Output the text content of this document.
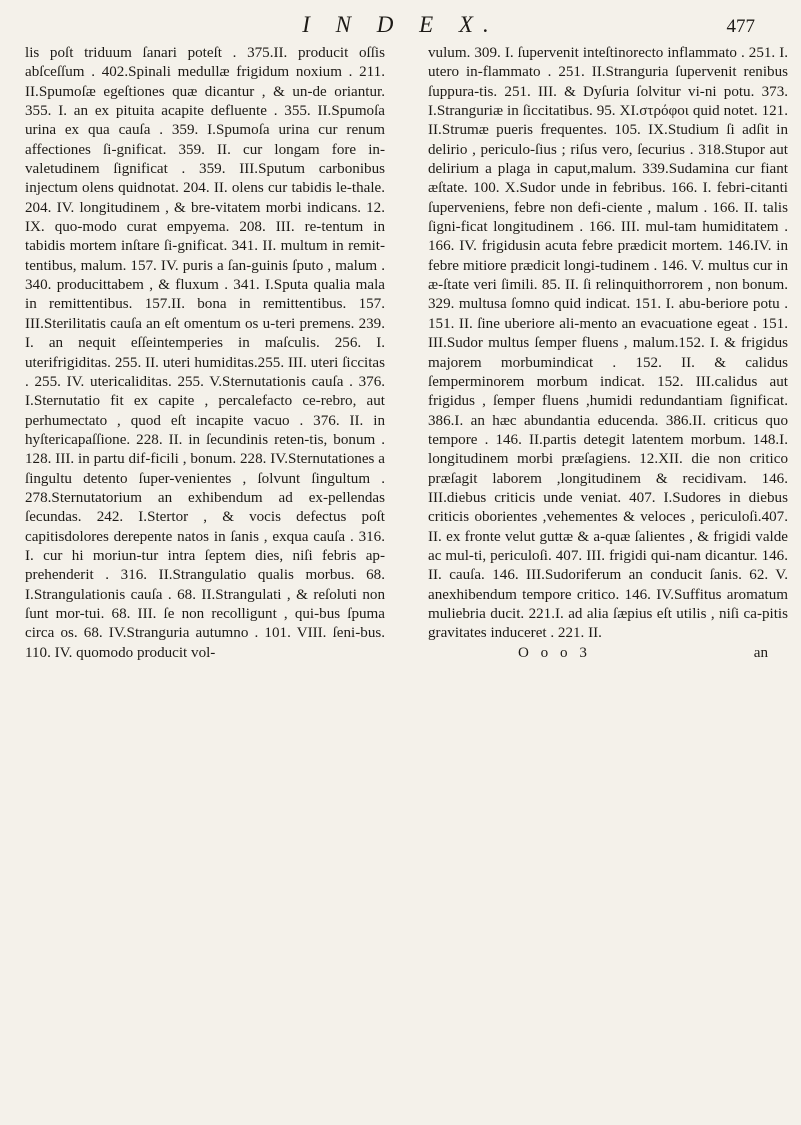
I N D E X.	477
lis poſt triduum ſanari poteſt . 375.II. producit oſſis abſceſſum . 402.Spinali medullæ frigidum noxium . 211. II.Spumoſæ egeſtiones quæ dicantur , & un-de oriantur. 355. I. an ex pituita acapite defluente . 355. II.Spumoſa urina ex qua cauſa . 359. I.Spumoſa urina cur renum affectiones ſi-gnificat. 359. II. cur longam fore in-valetudinem ſignificat . 359. III.Sputum carbonibus injectum olens quidnotat. 204. II. olens cur tabidis le-thale. 204. IV. longitudinem , & bre-vitatem morbi indicans. 12. IX. quo-modo curat empyema. 208. III. re-tentum in tabidis mortem inſtare ſi-gnificat. 341. II. multum in remit-tentibus, malum. 157. IV. puris a ſan-guinis ſputo , malum . 340. producittabem , & fluxum . 341. I.Sputa qualia mala in remittentibus. 157.II. bona in remittentibus. 157. III.Sterilitatis cauſa an eſt omentum os u-teri premens. 239. I. an nequit eſſeintemperies in maſculis. 256. I. uterifrigiditas. 255. II. uteri humiditas.255. III. uteri ſiccitas . 255. IV. utericaliditas. 255. V.Sternutationis cauſa . 376. I.Sternutatio fit ex capite , percalefacto ce-rebro, aut perhumectato , quod eſt incapite vacuo . 376. II. in hyſtericapaſſione. 228. II. in ſecundinis reten-tis, bonum . 128. III. in partu dif-ficili , bonum. 228. IV.Sternutationes a ſingultu detento ſuper-venientes , ſolvunt ſingultum . 278.Sternutatorium an exhibendum ad ex-pellendas ſecundas. 242. I.Stertor , & vocis defectus poſt capitisdolores derepente natos in ſanis , exqua cauſa . 316. I. cur hi moriun-tur intra ſeptem dies, niſi febris ap-prehenderit . 316. II.Strangulatio qualis morbus. 68. I.Strangulationis cauſa . 68. II.Strangulati , & reſoluti non ſunt mor-tui. 68. III. ſe non recolligunt , qui-bus ſpuma circa os. 68. IV.Stranguria autumno . 101. VIII. ſeni-bus. 110. IV. quomodo producit vol-
vulum. 309. I. ſupervenit inteſtinorecto inflammato . 251. I. utero in-flammato . 251. II.Stranguria ſupervenit renibus ſuppura-tis. 251. III. & Dyſuria ſolvitur vi-ni potu. 373. I.Stranguriæ in ſiccitatibus. 95. XI.στρόφοι quid notet. 121. II.Strumæ pueris frequentes. 105. IX.Studium ſi adſit in delirio , periculo-ſius ; riſus vero, ſecurius . 318.Stupor aut delirium a plaga in caput,malum. 339.Sudamina cur fiant æſtate. 100. X.Sudor unde in febribus. 166. I. febri-citanti ſuperveniens, febre non defi-ciente , malum . 166. II. talis ſigni-ficat longitudinem . 166. III. mul-tam humiditatem . 166. IV. frigidusin acuta febre prædicit mortem. 146.IV. in febre mitiore prædicit longi-tudinem . 146. V. multus cur in æ-ſtate veri ſimili. 85. II. ſi relinquithorrorem , non bonum. 329. multusa ſomno quid indicat. 151. I. abu-beriore potu . 151. II. ſine uberiore ali-mento an evacuatione egeat . 151. III.Sudor multus ſemper fluens , malum.152. I. & frigidus majorem morbumindicat . 152. II. & calidus ſemperminorem morbum indicat. 152. III.calidus aut frigidus , ſemper fluens ,humidi redundantiam ſignificat. 386.I. an hæc abundantia educenda. 386.II. criticus quo tempore . 146. II.partis detegit latentem morbum. 148.I. longitudinem morbi præſagiens. 12.XII. die non critico præſagit laborem ,longitudinem & recidivam. 146. III.diebus criticis unde veniat. 407. I.Sudores in diebus criticis oborientes ,vehementes & veloces , periculoſi.407. II. ex fronte velut guttæ & a-quæ ſalientes , & frigidi valde ac mul-ti, periculoſi. 407. III. frigidi qui-nam dicantur. 146. II. cauſa. 146. III.Sudoriferum an conducit ſanis. 62. V. anexhibendum tempore critico. 146. IV.Suffitus aromatum muliebria ducit. 221.I. ad alia ſæpius eſt utilis , niſi ca-pitis gravitates induceret . 221. II.
O o o 3	an
